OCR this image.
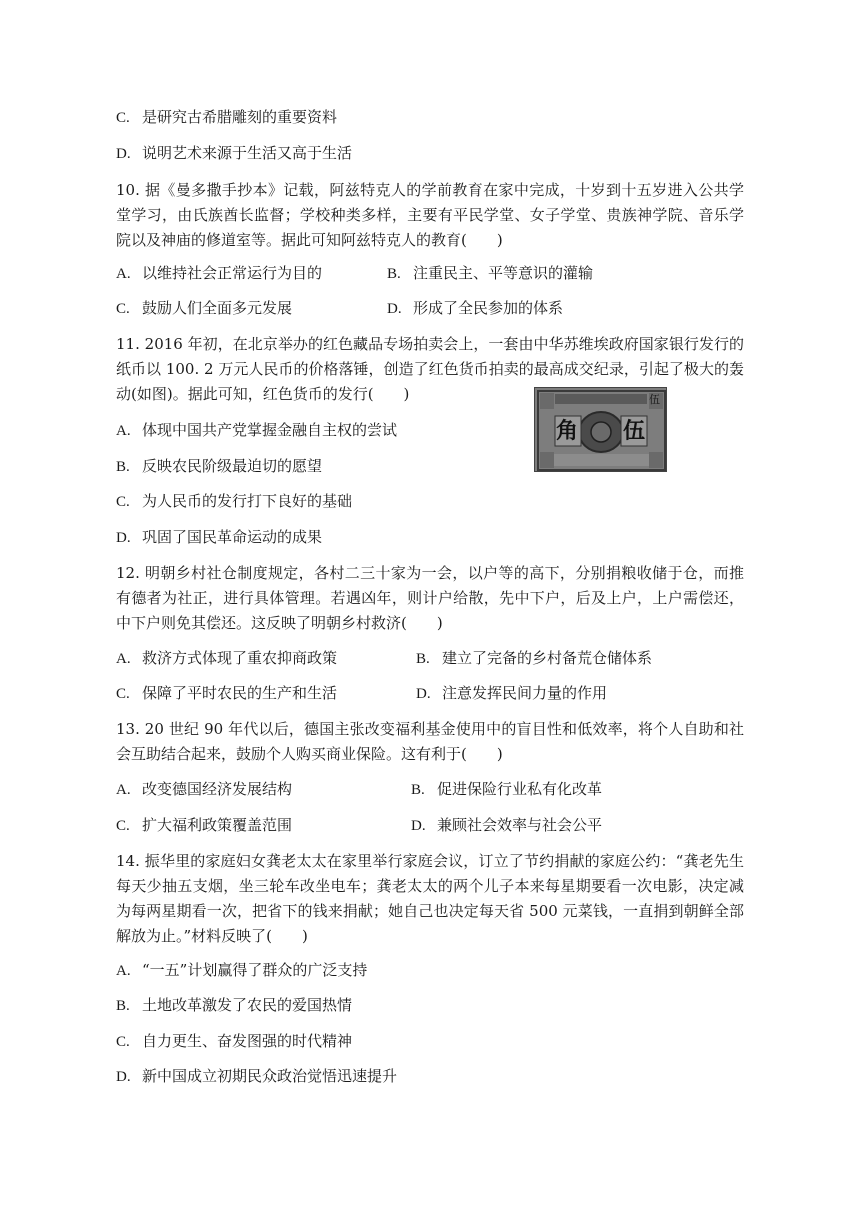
C. 是研究古希腊雕刻的重要资料
D. 说明艺术来源于生活又高于生活
10. 据《曼多撒手抄本》记载，阿兹特克人的学前教育在家中完成，十岁到十五岁进入公共学堂学习，由氏族酋长监督；学校种类多样，主要有平民学堂、女子学堂、贵族神学院、音乐学院以及神庙的修道室等。据此可知阿兹特克人的教育(　　)
A. 以维持社会正常运行为目的	B. 注重民主、平等意识的灌输
C. 鼓励人们全面多元发展	D. 形成了全民参加的体系
11. 2016 年初，在北京举办的红色藏品专场拍卖会上，一套由中华苏维埃政府国家银行发行的纸币以 100. 2 万元人民币的价格落锤，创造了红色货币拍卖的最高成交纪录，引起了极大的轰动(如图)。据此可知，红色货币的发行(　　)
角 伍
伍
A. 体现中国共产党掌握金融自主权的尝试
B. 反映农民阶级最迫切的愿望
C. 为人民币的发行打下良好的基础
D. 巩固了国民革命运动的成果
12. 明朝乡村社仓制度规定，各村二三十家为一会，以户等的高下，分别捐粮收储于仓，而推有德者为社正，进行具体管理。若遇凶年，则计户给散，先中下户，后及上户，上户需偿还，中下户则免其偿还。这反映了明朝乡村救济(　　)
A. 救济方式体现了重农抑商政策	B. 建立了完备的乡村备荒仓储体系
C. 保障了平时农民的生产和生活	D. 注意发挥民间力量的作用
13. 20 世纪 90 年代以后，德国主张改变福利基金使用中的盲目性和低效率，将个人自助和社会互助结合起来，鼓励个人购买商业保险。这有利于(　　)
A. 改变德国经济发展结构	B. 促进保险行业私有化改革
C. 扩大福利政策覆盖范围	D. 兼顾社会效率与社会公平
14. 振华里的家庭妇女龚老太太在家里举行家庭会议，订立了节约捐献的家庭公约：“龚老先生每天少抽五支烟，坐三轮车改坐电车；龚老太太的两个儿子本来每星期要看一次电影，决定减为每两星期看一次，把省下的钱来捐献；她自己也决定每天省 500 元菜钱，一直捐到朝鲜全部解放为止。”材料反映了(　　)
A. “一五”计划赢得了群众的广泛支持
B. 土地改革激发了农民的爱国热情
C. 自力更生、奋发图强的时代精神
D. 新中国成立初期民众政治觉悟迅速提升
